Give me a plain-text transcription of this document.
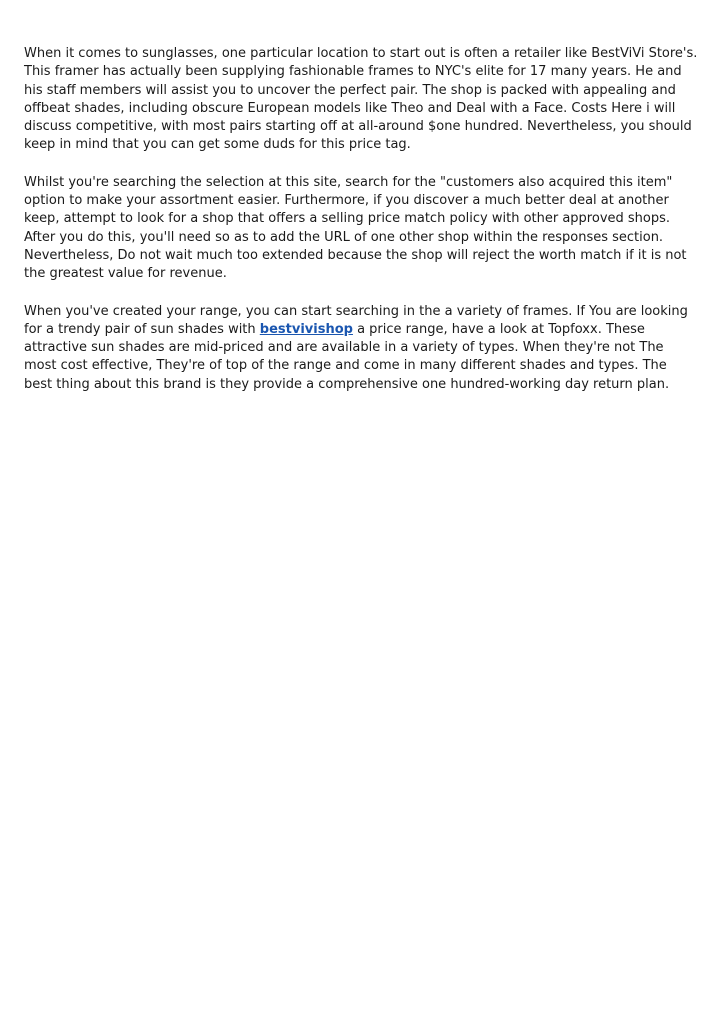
When it comes to sunglasses, one particular location to start out is often a retailer like BestViVi Store's. This framer has actually been supplying fashionable frames to NYC's elite for 17 many years. He and his staff members will assist you to uncover the perfect pair. The shop is packed with appealing and offbeat shades, including obscure European models like Theo and Deal with a Face. Costs Here i will discuss competitive, with most pairs starting off at all-around $one hundred. Nevertheless, you should keep in mind that you can get some duds for this price tag.

Whilst you're searching the selection at this site, search for the "customers also acquired this item" option to make your assortment easier. Furthermore, if you discover a much better deal at another keep, attempt to look for a shop that offers a selling price match policy with other approved shops. After you do this, you'll need so as to add the URL of one other shop within the responses section. Nevertheless, Do not wait much too extended because the shop will reject the worth match if it is not the greatest value for revenue.

When you've created your range, you can start searching in the a variety of frames. If You are looking for a trendy pair of sun shades with bestvivishop a price range, have a look at Topfoxx. These attractive sun shades are mid-priced and are available in a variety of types. When they're not The most cost effective, They're of top of the range and come in many different shades and types. The best thing about this brand is they provide a comprehensive one hundred-working day return plan.
